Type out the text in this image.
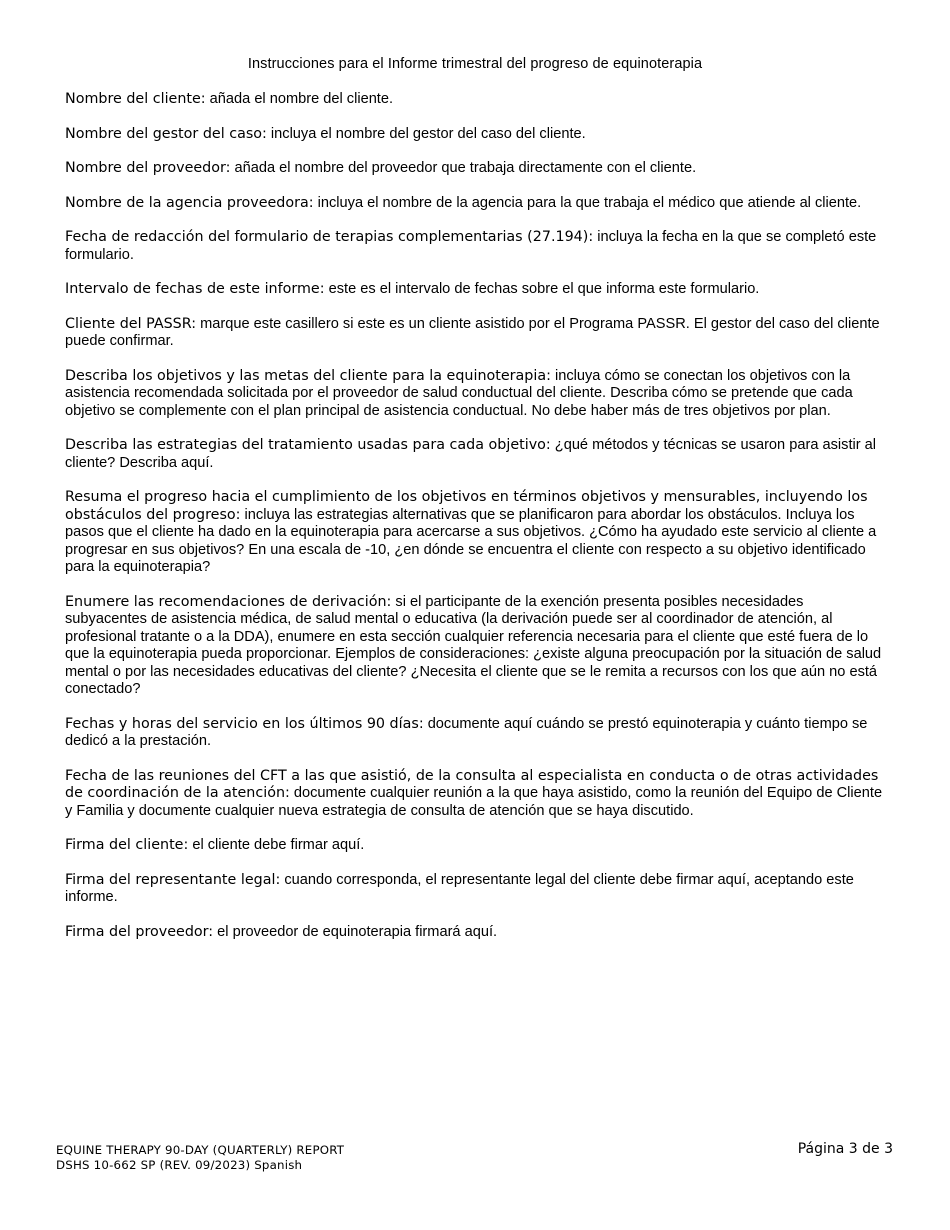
Instrucciones para el Informe trimestral del progreso de equinoterapia

Nombre del cliente: añada el nombre del cliente.

Nombre del gestor del caso: incluya el nombre del gestor del caso del cliente.

Nombre del proveedor: añada el nombre del proveedor que trabaja directamente con el cliente.

Nombre de la agencia proveedora: incluya el nombre de la agencia para la que trabaja el médico que atiende al cliente.

Fecha de redacción del formulario de terapias complementarias (27.194): incluya la fecha en la que se completó este formulario.

Intervalo de fechas de este informe: este es el intervalo de fechas sobre el que informa este formulario.

Cliente del PASSR: marque este casillero si este es un cliente asistido por el Programa PASSR. El gestor del caso del cliente puede confirmar.

Describa los objetivos y las metas del cliente para la equinoterapia: incluya cómo se conectan los objetivos con la asistencia recomendada solicitada por el proveedor de salud conductual del cliente. Describa cómo se pretende que cada objetivo se complemente con el plan principal de asistencia conductual. No debe haber más de tres objetivos por plan.

Describa las estrategias del tratamiento usadas para cada objetivo: ¿qué métodos y técnicas se usaron para asistir al cliente? Describa aquí.

Resuma el progreso hacia el cumplimiento de los objetivos en términos objetivos y mensurables, incluyendo los obstáculos del progreso: incluya las estrategias alternativas que se planificaron para abordar los obstáculos. Incluya los pasos que el cliente ha dado en la equinoterapia para acercarse a sus objetivos. ¿Cómo ha ayudado este servicio al cliente a progresar en sus objetivos? En una escala de -10, ¿en dónde se encuentra el cliente con respecto a su objetivo identificado para la equinoterapia?

Enumere las recomendaciones de derivación: si el participante de la exención presenta posibles necesidades subyacentes de asistencia médica, de salud mental o educativa (la derivación puede ser al coordinador de atención, al profesional tratante o a la DDA), enumere en esta sección cualquier referencia necesaria para el cliente que esté fuera de lo que la equinoterapia pueda proporcionar. Ejemplos de consideraciones: ¿existe alguna preocupación por la situación de salud mental o por las necesidades educativas del cliente? ¿Necesita el cliente que se le remita a recursos con los que aún no está conectado?

Fechas y horas del servicio en los últimos 90 días: documente aquí cuándo se prestó equinoterapia y cuánto tiempo se dedicó a la prestación.

Fecha de las reuniones del CFT a las que asistió, de la consulta al especialista en conducta o de otras actividades de coordinación de la atención: documente cualquier reunión a la que haya asistido, como la reunión del Equipo de Cliente y Familia y documente cualquier nueva estrategia de consulta de atención que se haya discutido.

Firma del cliente: el cliente debe firmar aquí.

Firma del representante legal: cuando corresponda, el representante legal del cliente debe firmar aquí, aceptando este informe.

Firma del proveedor: el proveedor de equinoterapia firmará aquí.

EQUINE THERAPY 90-DAY (QUARTERLY) REPORT
DSHS 10-662 SP (REV. 09/2023) Spanish
Página 3 de 3
